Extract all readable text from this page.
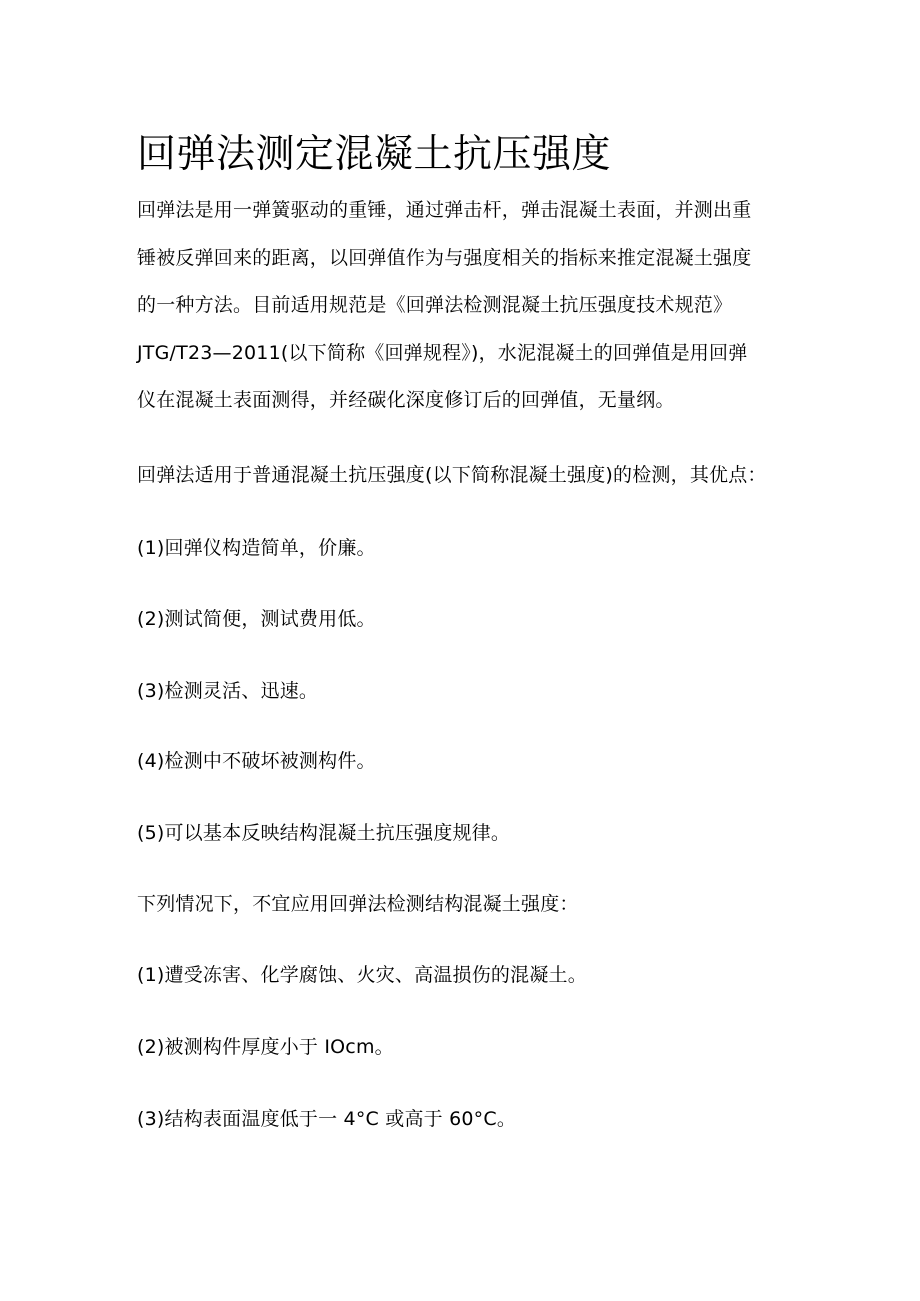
回弹法测定混凝土抗压强度

回弹法是用一弹簧驱动的重锤，通过弹击杆，弹击混凝土表面，并测出重

锤被反弹回来的距离，以回弹值作为与强度相关的指标来推定混凝土强度

的一种方法。目前适用规范是《回弹法检测混凝土抗压强度技术规范》

JTG/T23—2011(以下简称《回弹规程》)，水泥混凝土的回弹值是用回弹

仪在混凝土表面测得，并经碳化深度修订后的回弹值，无量纲。

回弹法适用于普通混凝土抗压强度(以下简称混凝土强度)的检测，其优点：

(1)回弹仪构造简单，价廉。

(2)测试简便，测试费用低。

(3)检测灵活、迅速。

(4)检测中不破坏被测构件。

(5)可以基本反映结构混凝土抗压强度规律。

下列情况下，不宜应用回弹法检测结构混凝土强度：

(1)遭受冻害、化学腐蚀、火灾、高温损伤的混凝土。

(2)被测构件厚度小于 IOcm。

(3)结构表面温度低于一 4°C 或高于 60°C。
